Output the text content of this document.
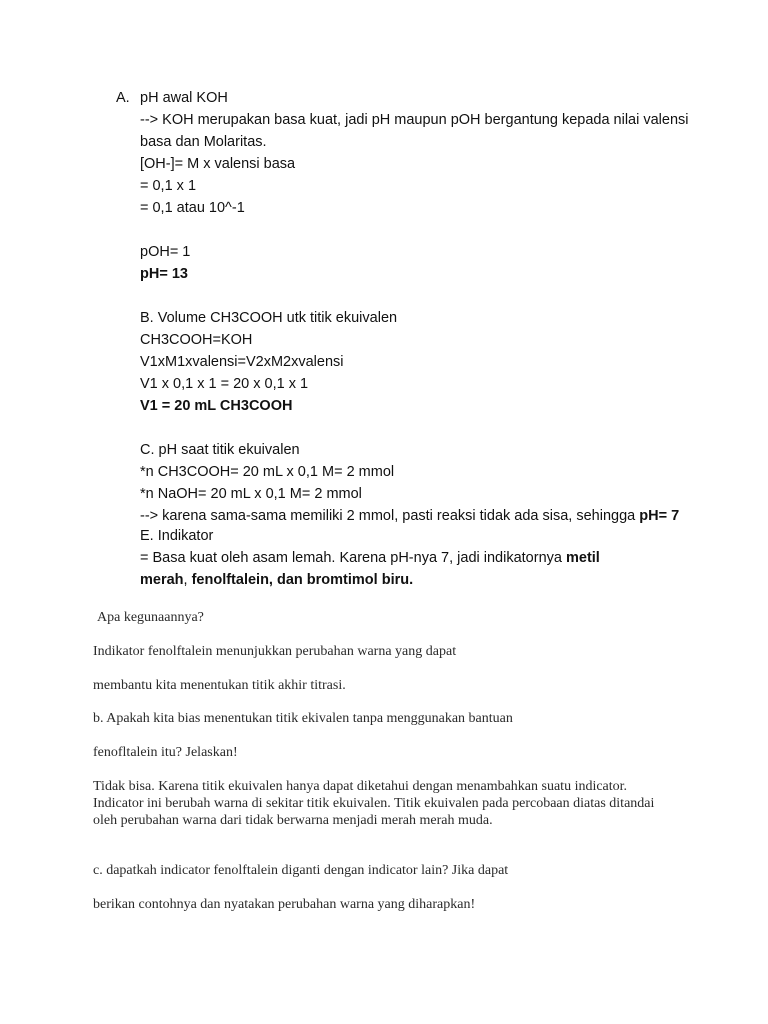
A. pH awal KOH
--> KOH merupakan basa kuat, jadi pH maupun pOH bergantung kepada nilai valensi
basa dan Molaritas.
[OH-]= M x valensi basa
= 0,1 x 1
= 0,1 atau 10^-1
pOH= 1
pH= 13
B. Volume CH3COOH utk titik ekuivalen
CH3COOH=KOH
V1xM1xvalensi=V2xM2xvalensi
V1 x 0,1 x 1 = 20 x 0,1 x 1
V1 = 20 mL CH3COOH
C. pH saat titik ekuivalen
*n CH3COOH= 20 mL x 0,1 M= 2 mmol
*n NaOH= 20 mL x 0,1 M= 2 mmol
--> karena sama-sama memiliki 2 mmol, pasti reaksi tidak ada sisa, sehingga pH= 7
E. Indikator
= Basa kuat oleh asam lemah. Karena pH-nya 7, jadi indikatornya metil
merah, fenolftalein, dan bromtimol biru.
Apa kegunaannya?
Indikator fenolftalein menunjukkan perubahan warna yang dapat
membantu kita menentukan titik akhir titrasi.
b. Apakah kita bias menentukan titik ekivalen tanpa menggunakan bantuan
fenofltalein itu? Jelaskan!
Tidak bisa. Karena titik ekuivalen hanya dapat diketahui dengan menambahkan suatu indicator. Indicator ini berubah warna di sekitar titik ekuivalen. Titik ekuivalen pada percobaan diatas ditandai oleh perubahan warna dari tidak berwarna menjadi merah merah muda.
c. dapatkah indicator fenolftalein diganti dengan indicator lain? Jika dapat
berikan contohnya dan nyatakan perubahan warna yang diharapkan!
